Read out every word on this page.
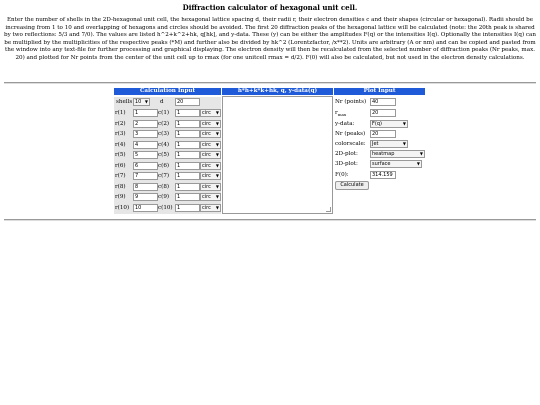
Diffraction calculator of hexagonal unit cell.
Enter the number of shells in the 2D-hexagonal unit cell, the hexagonal lattice spacing d, their radii r, their electron densities c and their shapes (circular or hexagonal). Radii should be increasing from 1 to 10 and overlapping of hexagons and circles should be avoided. The first 20 diffraction peaks of the hexagonal lattice will be calculated (note: the 20th peak is shared by two reflections: 5/3 and 7/0). The values are listed h^2+k^2+hk, q[hk], and y-data. These (y) can be either the amplitudes F(q) or the intensities I(q). Optionally the intensities I(q) can be multiplied by the multiplicities of the respective peaks (*M) and further also be divided by hk^2 (Lorentzfactor, /x**2). Units are arbitrary (A or nm) and can be copied and pasted from the window into any text-file for further processing and graphical displaying. The electron density will then be recalculated from the selected number of diffraction peaks (Nr peaks, max. 20) and plotted for Nr points from the center of the unit cell up to rmax (for one unitcell rmax = d/2). F(0) will also be calculated, but not used in the electron density calculations.
Calculation Input	h*h+k*k+hk, q, y-data(q)	Plot Input
shells 10 ▼ d	20
r(1)	1	c(1)	1	circ ▼
r(2)	2	c(2)	1	circ ▼
r(3)	3	c(3)	1	circ ▼
r(4)	4	c(4)	1	circ ▼
r(5)	5	c(5)	1	circ ▼
r(6)	6	c(6)	1	circ ▼
r(7)	7	c(7)	1	circ ▼
r(8)	8	c(8)	1	circ ▼
r(9)	9	c(9)	1	circ ▼
r(10)	10	c(10) 1	circ ▼
Nr (points)	40
$r_{max}$	20
y-data:	F(q)	▼
Nr (peaks)	20
colorscale:	Jet	▼
2D-plot:	heatmap	▼
3D-plot:	surface	▼
F(0):	314.159
Calculate
